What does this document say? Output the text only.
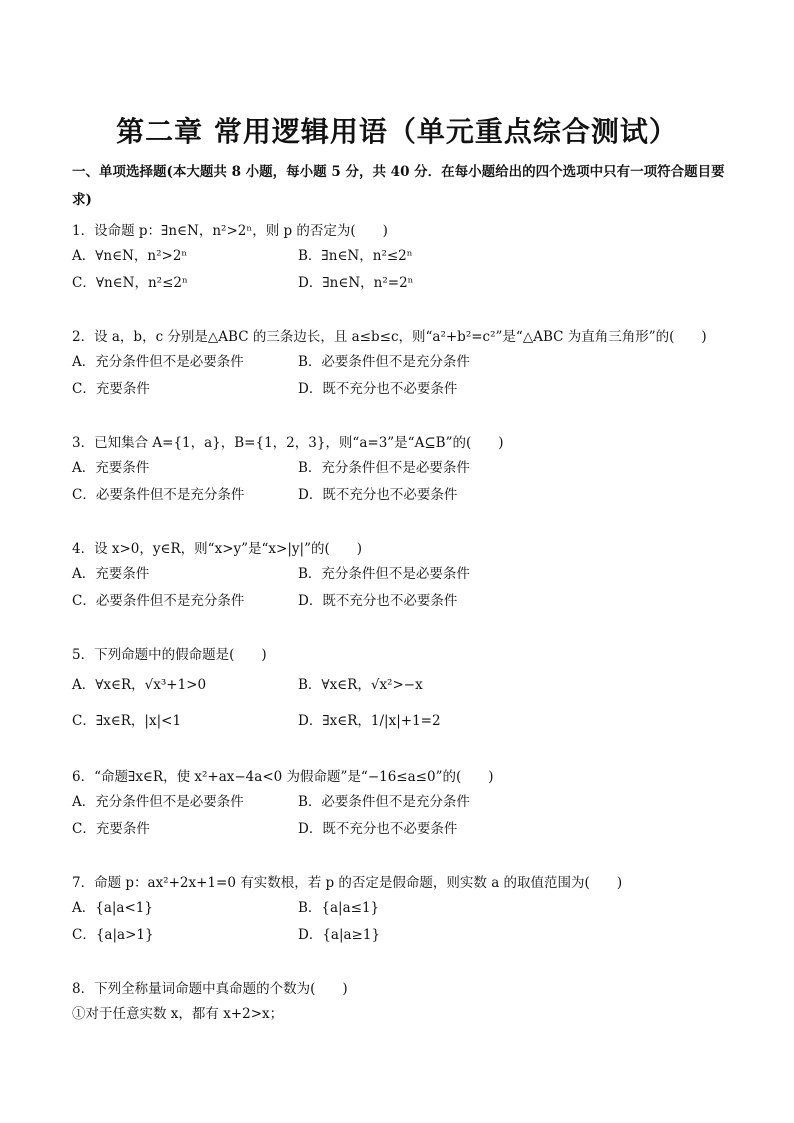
第二章 常用逻辑用语（单元重点综合测试）
一、单项选择题(本大题共 8 小题，每小题 5 分，共 40 分．在每小题给出的四个选项中只有一项符合题目要求)
1．设命题 p：∃n∈N，n²>2ⁿ，则 p 的否定为(　　)
A．∀n∈N，n²>2ⁿ	B．∃n∈N，n²≤2ⁿ
C．∀n∈N，n²≤2ⁿ	D．∃n∈N，n²=2ⁿ
2．设 a，b，c 分别是△ABC 的三条边长，且 a≤b≤c，则“a²+b²=c²”是“△ABC 为直角三角形”的(　　)
A．充分条件但不是必要条件	B．必要条件但不是充分条件
C．充要条件	D．既不充分也不必要条件
3．已知集合 A={1，a}，B={1，2，3}，则“a=3”是“A⊆B”的(　　)
A．充要条件	B．充分条件但不是必要条件
C．必要条件但不是充分条件	D．既不充分也不必要条件
4．设 x>0，y∈R，则“x>y”是“x>|y|”的(　　)
A．充要条件	B．充分条件但不是必要条件
C．必要条件但不是充分条件	D．既不充分也不必要条件
5．下列命题中的假命题是(　　)
A．∀x∈R，√x³+1>0	B．∀x∈R，√x²>−x
C．∃x∈R，|x|<1	D．∃x∈R，1/|x|+1=2
6．“命题∃x∈R，使 x²+ax−4a<0 为假命题”是“−16≤a≤0”的(　　)
A．充分条件但不是必要条件	B．必要条件但不是充分条件
C．充要条件	D．既不充分也不必要条件
7．命题 p：ax²+2x+1=0 有实数根，若 p 的否定是假命题，则实数 a 的取值范围为(　　)
A．{a|a<1}	B．{a|a≤1}
C．{a|a>1}	D．{a|a≥1}
8．下列全称量词命题中真命题的个数为(　　)
①对于任意实数 x，都有 x+2>x；
